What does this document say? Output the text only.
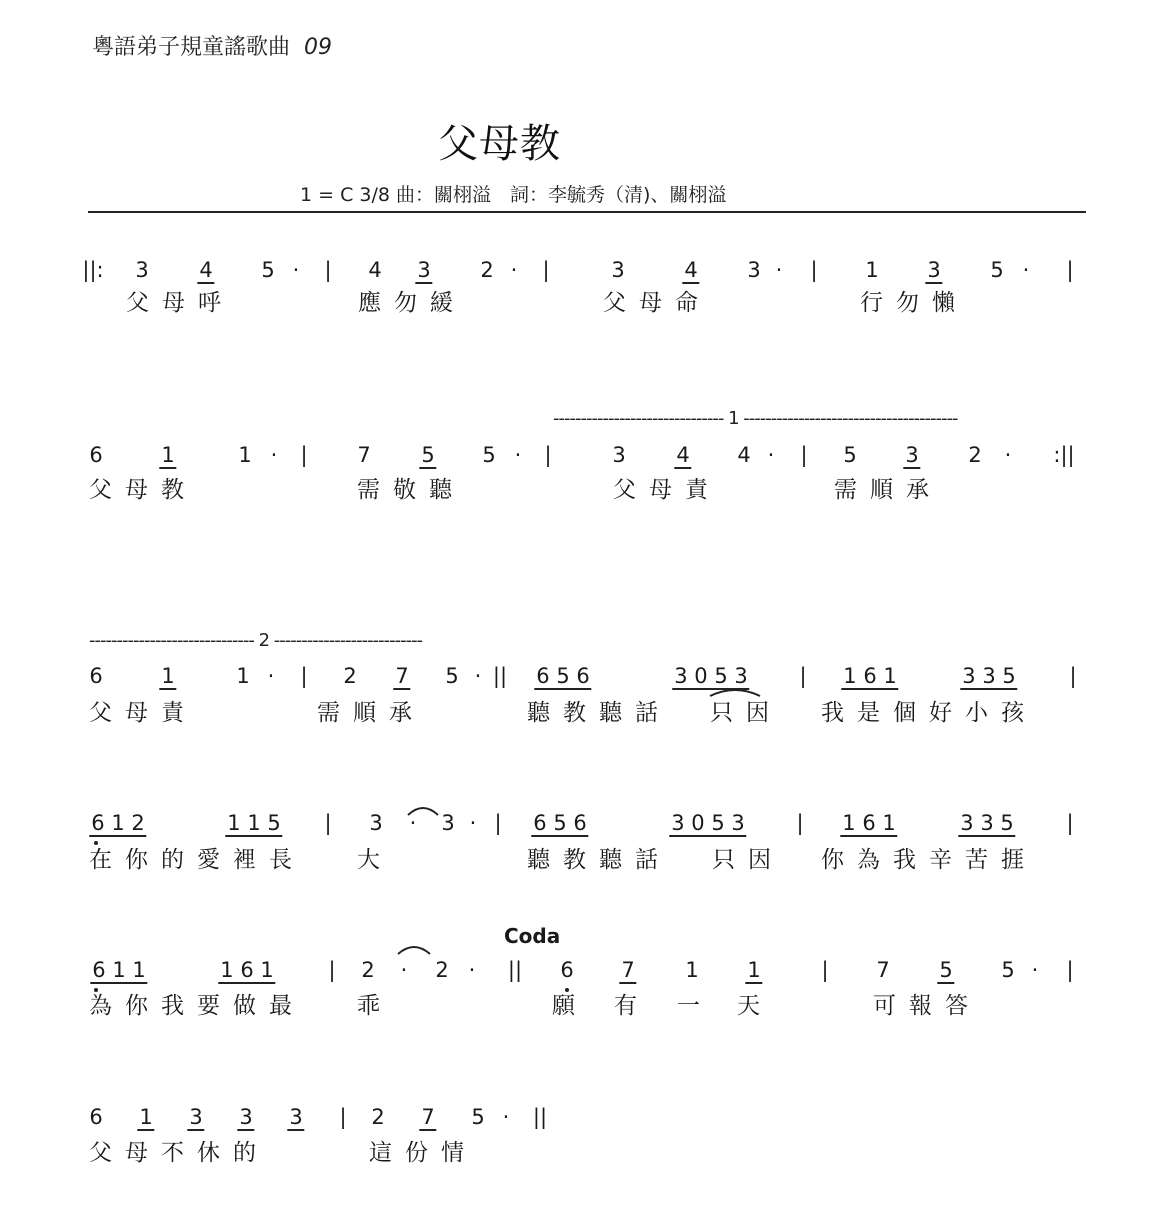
粵語弟子規童謠歌曲 09
父母教
1 = C 3/8 曲：關栩溢　詞：李毓秀（清)、關栩溢
------------------------------- 1 ---------------------------------------
------------------------------ 2 ---------------------------
Coda
||: 3 4 5 · | 4 3 2 · |	3	4 3 · | 1 3 5 · |
父母呼	應勿緩	父母命	行勿懶
6	1	1 · | 7 5 5 · |	3 4 4 · | 5 3 2 · :||
父母教	需敬聽	父母責	需順承
6	1	1 · | 2 7 5 · || 6 5 6	3 0 5 3 | 1 6 1	3 3 5	|
父母責	需順承	聽教聽話 只因 我是個好小孩
6 1 2	1 1 5 | 3 · 3 · | 6 5 6	3 0 5 3 | 1 6 1	3 3 5	|
在你的愛裡長 大	聽教聽話 只因 你為我辛苦捱
6 1 1	1 6 1	| 2 · 2 · || 6 7 1 1	| 7 5 5 · |
為你我要做最 乖	願 有 一 天	可報答
6 1 3 3 3 | 2 7 5 · ||
父母不休的	這份情
